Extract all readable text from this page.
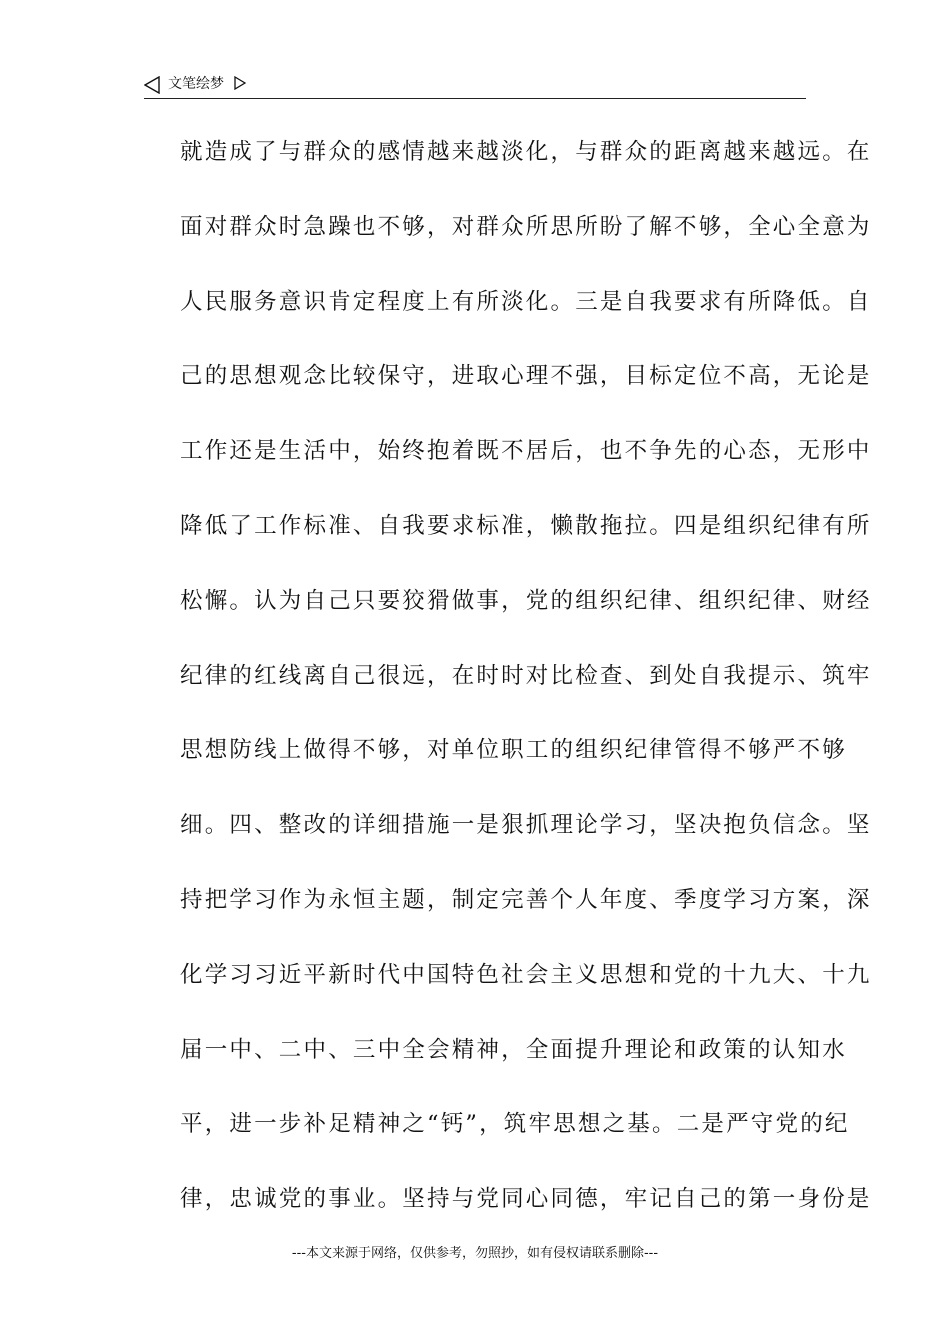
文笔绘梦
就造成了与群众的感情越来越淡化，与群众的距离越来越远。在
面对群众时急躁也不够，对群众所思所盼了解不够，全心全意为
人民服务意识肯定程度上有所淡化。三是自我要求有所降低。自
己的思想观念比较保守，进取心理不强，目标定位不高，无论是
工作还是生活中，始终抱着既不居后，也不争先的心态，无形中
降低了工作标准、自我要求标准，懒散拖拉。四是组织纪律有所
松懈。认为自己只要狡猾做事，党的组织纪律、组织纪律、财经
纪律的红线离自己很远，在时时对比检查、到处自我提示、筑牢
思想防线上做得不够，对单位职工的组织纪律管得不够严不够
细。四、整改的详细措施一是狠抓理论学习，坚决抱负信念。坚
持把学习作为永恒主题，制定完善个人年度、季度学习方案，深
化学习习近平新时代中国特色社会主义思想和党的十九大、十九
届一中、二中、三中全会精神，全面提升理论和政策的认知水
平，进一步补足精神之“钙”，筑牢思想之基。二是严守党的纪
律，忠诚党的事业。坚持与党同心同德，牢记自己的第一身份是
---本文来源于网络，仅供参考，勿照抄，如有侵权请联系删除---
